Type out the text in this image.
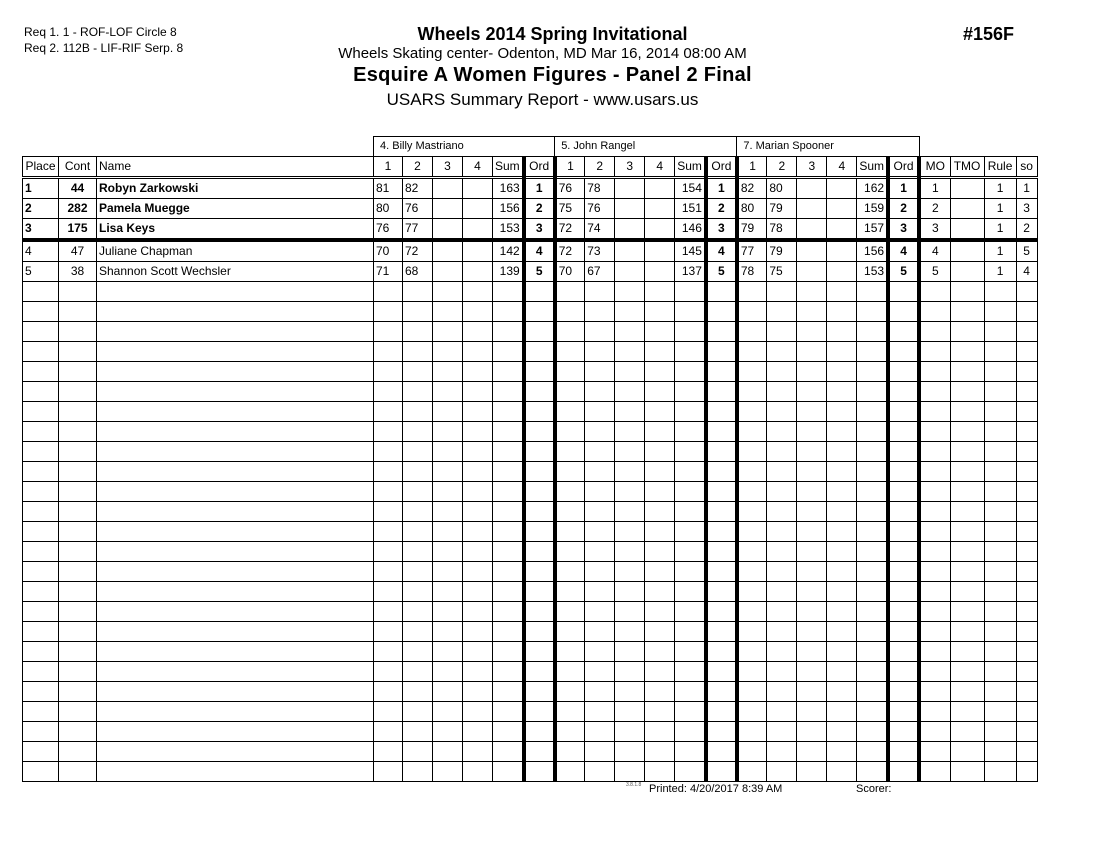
Req 1. 1 - ROF-LOF Circle 8
Req 2. 112B - LIF-RIF Serp. 8
Wheels 2014 Spring Invitational
Wheels Skating center- Odenton, MD Mar 16, 2014 08:00 AM
Esquire A Women Figures - Panel 2 Final
USARS Summary Report - www.usars.us
#156F
			4. Billy Mastriano						5. John Rangel						7. Marian Spooner									
Place	Cont	Name	1	2	3	4	Sum	Ord	1	2	3	4	Sum	Ord	1	2	3	4	Sum	Ord	MO	TMO	Rule	so
1	44	Robyn Zarkowski	81	82			163	1	76	78			154	1	82	80			162	1	1		1	1
2	282	Pamela Muegge	80	76			156	2	75	76			151	2	80	79			159	2	2		1	3
3	175	Lisa Keys	76	77			153	3	72	74			146	3	79	78			157	3	3		1	2
4	47	Juliane Chapman	70	72			142	4	72	73			145	4	77	79			156	4	4		1	5
5	38	Shannon Scott Wechsler	71	68			139	5	70	67			137	5	78	75			153	5	5		1	4

3.8.1.8 Printed: 4/20/2017 8:39 AM	Scorer:
